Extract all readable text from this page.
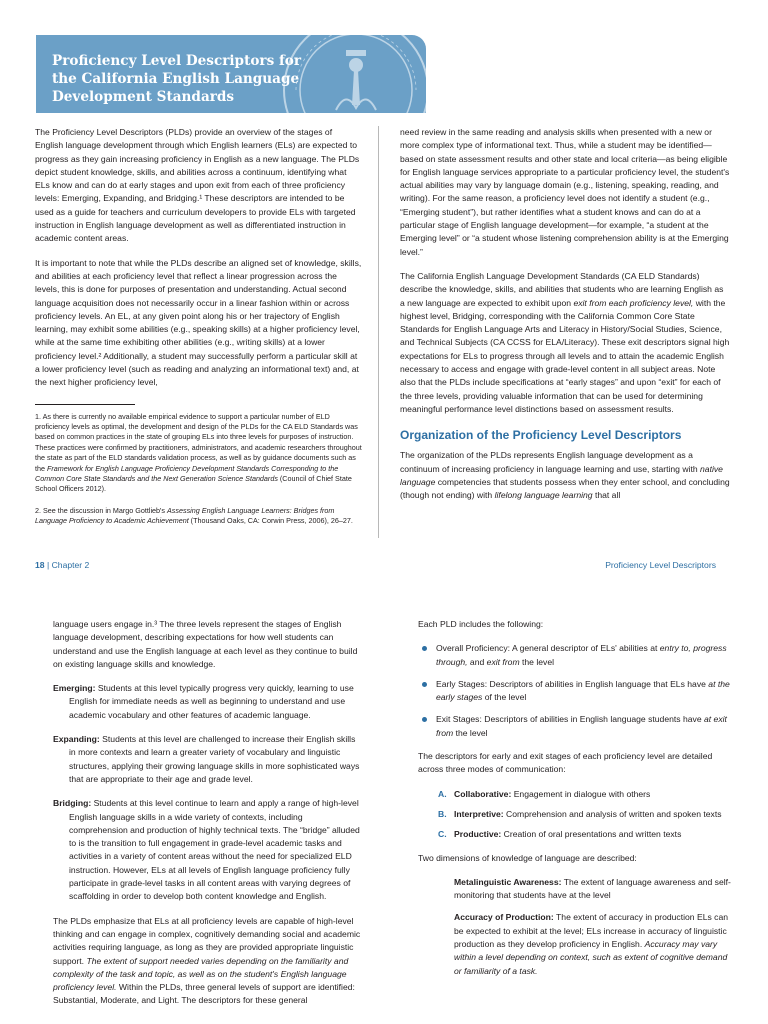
Proficiency Level Descriptors for
the California English Language
Development Standards

The Proficiency Level Descriptors (PLDs) provide an overview of the stages of English language development through which English learners (ELs) are expected to progress as they gain increasing proficiency in English as a new language. The PLDs depict student knowledge, skills, and abilities across a continuum, identifying what ELs know and can do at early stages and upon exit from each of three proficiency levels: Emerging, Expanding, and Bridging.¹ These descriptors are intended to be used as a guide for teachers and curriculum developers to provide ELs with targeted instruction in English language development as well as differentiated instruction in academic content areas.

It is important to note that while the PLDs describe an aligned set of knowledge, skills, and abilities at each proficiency level that reflect a linear progression across the levels, this is done for purposes of presentation and understanding. Actual second language acquisition does not necessarily occur in a linear fashion within or across proficiency levels. An EL, at any given point along his or her trajectory of English learning, may exhibit some abilities (e.g., speaking skills) at a higher proficiency level, while at the same time exhibiting other abilities (e.g., writing skills) at a lower proficiency level.² Additionally, a student may successfully perform a particular skill at a lower proficiency level (such as reading and analyzing an informational text) and, at the next higher proficiency level,

1. As there is currently no available empirical evidence to support a particular number of ELD proficiency levels as optimal, the development and design of the PLDs for the CA ELD Standards was based on common practices in the state of grouping ELs into three levels for purposes of instruction. These practices were confirmed by practitioners, administrators, and academic researchers throughout the state as part of the ELD standards validation process, as well as by guidance documents such as the Framework for English Language Proficiency Development Standards Corresponding to the Common Core State Standards and the Next Generation Science Standards (Council of Chief State School Officers 2012).

2. See the discussion in Margo Gottlieb's Assessing English Language Learners: Bridges from Language Proficiency to Academic Achievement (Thousand Oaks, CA: Corwin Press, 2006), 26–27.

need review in the same reading and analysis skills when presented with a new or more complex type of informational text. Thus, while a student may be identified—based on state assessment results and other state and local criteria—as being eligible for English language services appropriate to a particular proficiency level, the student's actual abilities may vary by language domain (e.g., listening, speaking, reading, and writing). For the same reason, a proficiency level does not identify a student (e.g., “Emerging student”), but rather identifies what a student knows and can do at a particular stage of English language development—for example, “a student at the Emerging level” or “a student whose listening comprehension ability is at the Emerging level.”

The California English Language Development Standards (CA ELD Standards) describe the knowledge, skills, and abilities that students who are learning English as a new language are expected to exhibit upon exit from each proficiency level, with the highest level, Bridging, corresponding with the California Common Core State Standards for English Language Arts and Literacy in History/Social Studies, Science, and Technical Subjects (CA CCSS for ELA/Literacy). These exit descriptors signal high expectations for ELs to progress through all levels and to attain the academic English necessary to access and engage with grade-level content in all subject areas. Note also that the PLDs include specifications at “early stages” and upon “exit” for each of the three levels, providing valuable information that can be used for determining meaningful performance level distinctions based on assessment results.

Organization of the Proficiency Level Descriptors

The organization of the PLDs represents English language development as a continuum of increasing proficiency in language learning and use, starting with native language competencies that students possess when they enter school, and concluding (though not ending) with lifelong language learning that all

18 | Chapter 2	Proficiency Level Descriptors

language users engage in.³ The three levels represent the stages of English language development, describing expectations for how well students can understand and use the English language at each level as they continue to build on existing language skills and knowledge.

Emerging: Students at this level typically progress very quickly, learning to use English for immediate needs as well as beginning to understand and use academic vocabulary and other features of academic language.

Expanding: Students at this level are challenged to increase their English skills in more contexts and learn a greater variety of vocabulary and linguistic structures, applying their growing language skills in more sophisticated ways that are appropriate to their age and grade level.

Bridging: Students at this level continue to learn and apply a range of high-level English language skills in a wide variety of contexts, including comprehension and production of highly technical texts. The “bridge” alluded to is the transition to full engagement in grade-level academic tasks and activities in a variety of content areas without the need for specialized ELD instruction. However, ELs at all levels of English language proficiency fully participate in grade-level tasks in all content areas with varying degrees of scaffolding in order to develop both content knowledge and English.

The PLDs emphasize that ELs at all proficiency levels are capable of high-level thinking and can engage in complex, cognitively demanding social and academic activities requiring language, as long as they are provided appropriate linguistic support. The extent of support needed varies depending on the familiarity and complexity of the task and topic, as well as on the student's English language proficiency level. Within the PLDs, three general levels of support are identified: Substantial, Moderate, and Light. The descriptors for these general

Each PLD includes the following:

Overall Proficiency: A general descriptor of ELs' abilities at entry to, progress through, and exit from the level
Early Stages: Descriptors of abilities in English language that ELs have at the early stages of the level
Exit Stages: Descriptors of abilities in English language students have at exit from the level

The descriptors for early and exit stages of each proficiency level are detailed across three modes of communication:

A. Collaborative: Engagement in dialogue with others
B. Interpretive: Comprehension and analysis of written and spoken texts
C. Productive: Creation of oral presentations and written texts

Two dimensions of knowledge of language are described:

Metalinguistic Awareness: The extent of language awareness and self-monitoring that students have at the level

Accuracy of Production: The extent of accuracy in production ELs can be expected to exhibit at the level; ELs increase in accuracy of linguistic production as they develop proficiency in English. Accuracy may vary within a level depending on context, such as extent of cognitive demand or familiarity of a task.
